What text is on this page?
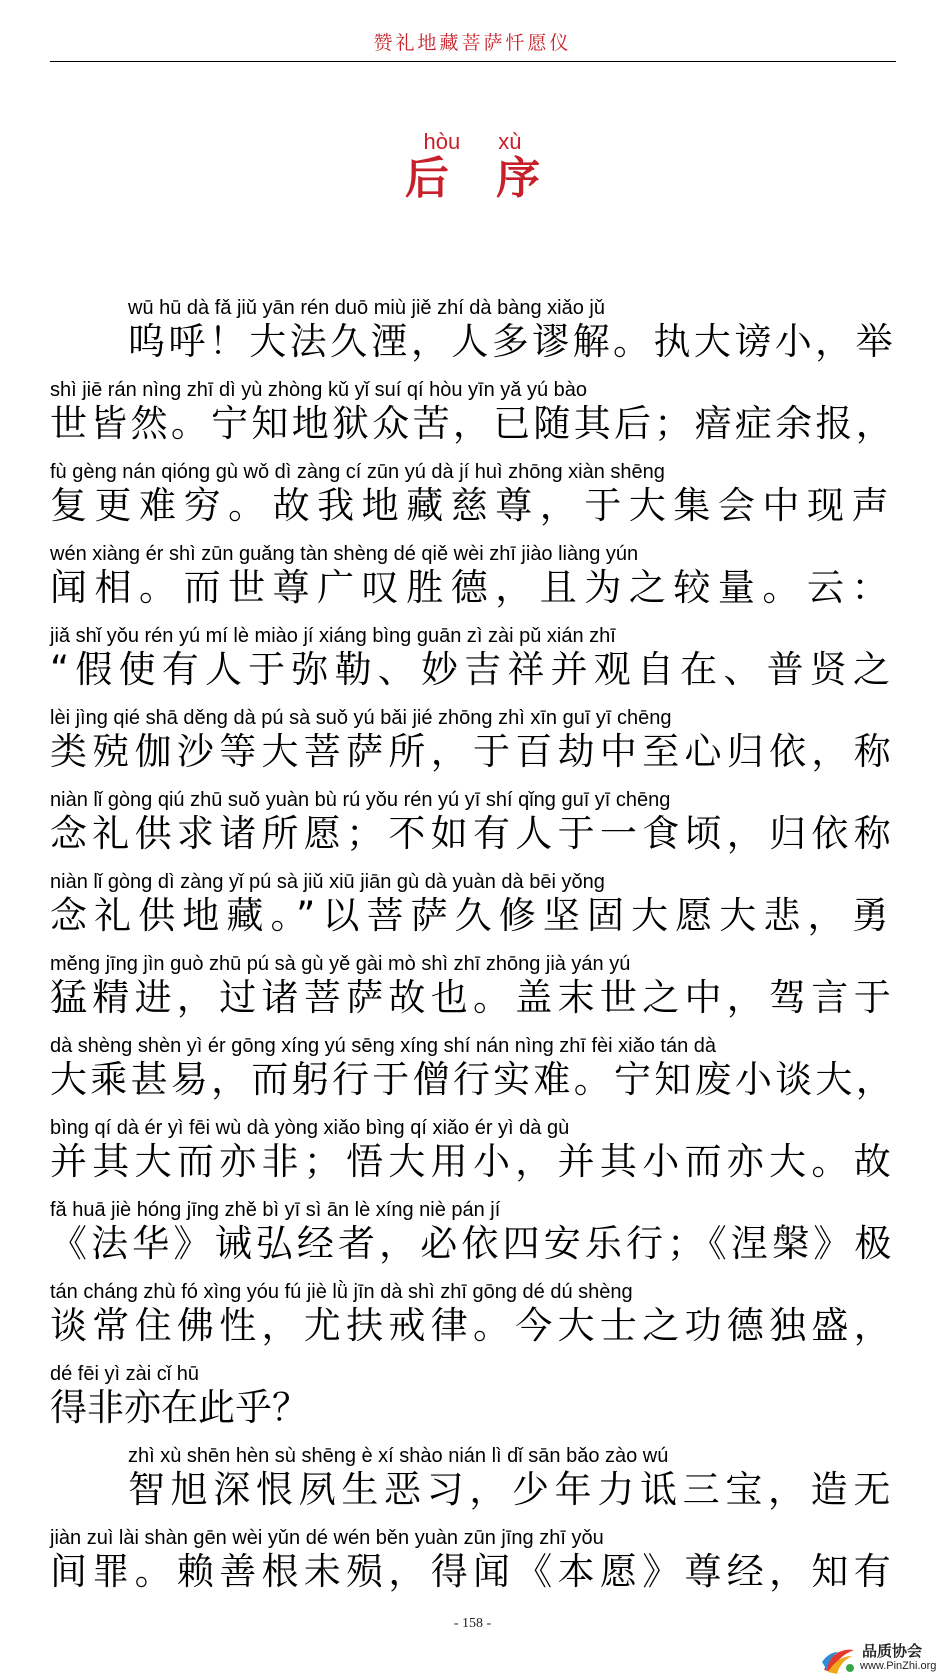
赞礼地藏菩萨忏愿仪
hòu xù
后 序
wū hū dà fǎ jiǔ yān rén duō miù jiě zhí dà bàng xiǎo jǔ
呜呼！大法久湮，人多谬解。执大谤小，举
shì jiē rán nìng zhī dì yù zhòng kǔ yǐ suí qí hòu yīn yǎ yú bào
世皆然。宁知地狱众苦，已随其后；瘖症余报，
fù gèng nán qióng gù wǒ dì zàng cí zūn yú dà jí huì zhōng xiàn shēng
复更难穷。故我地藏慈尊，于大集会中现声
wén xiàng ér shì zūn guǎng tàn shèng dé qiě wèi zhī jiào liàng yún
闻相。而世尊广叹胜德，且为之较量。云：
jiǎ shǐ yǒu rén yú mí lè miào jí xiáng bìng guān zì zài pǔ xián zhī
“假使有人于弥勒、妙吉祥并观自在、普贤之
lèi jìng qié shā děng dà pú sà suǒ yú bǎi jié zhōng zhì xīn guī yī chēng
类殑伽沙等大菩萨所，于百劫中至心归依，称
niàn lǐ gòng qiú zhū suǒ yuàn bù rú yǒu rén yú yī shí qǐng guī yī chēng
念礼供求诸所愿；不如有人于一食顷，归依称
niàn lǐ gòng dì zàng yǐ pú sà jiǔ xiū jiān gù dà yuàn dà bēi yǒng
念礼供地藏。”以菩萨久修坚固大愿大悲，勇
měng jīng jìn guò zhū pú sà gù yě gài mò shì zhī zhōng jià yán yú
猛精进，过诸菩萨故也。盖末世之中，驾言于
dà shèng shèn yì ér gōng xíng yú sēng xíng shí nán nìng zhī fèi xiǎo tán dà
大乘甚易，而躬行于僧行实难。宁知废小谈大，
bìng qí dà ér yì fēi wù dà yòng xiǎo bìng qí xiǎo ér yì dà gù
并其大而亦非；悟大用小，并其小而亦大。故
fǎ huā jiè hóng jīng zhě bì yī sì ān lè xíng niè pán jí
《法华》诫弘经者，必依四安乐行；《涅槃》极
tán cháng zhù fó xìng yóu fú jiè lǜ jīn dà shì zhī gōng dé dú shèng
谈常住佛性，尤扶戒律。今大士之功德独盛，
dé fēi yì zài cǐ hū
得非亦在此乎？
zhì xù shēn hèn sù shēng è xí shào nián lì dǐ sān bǎo zào wú
智旭深恨夙生恶习，少年力诋三宝，造无
jiàn zuì lài shàn gēn wèi yǔn dé wén běn yuàn zūn jīng zhī yǒu
间罪。赖善根未殒，得闻《本愿》尊经，知有
- 158 -
品质协会
www.PinZhi.org
